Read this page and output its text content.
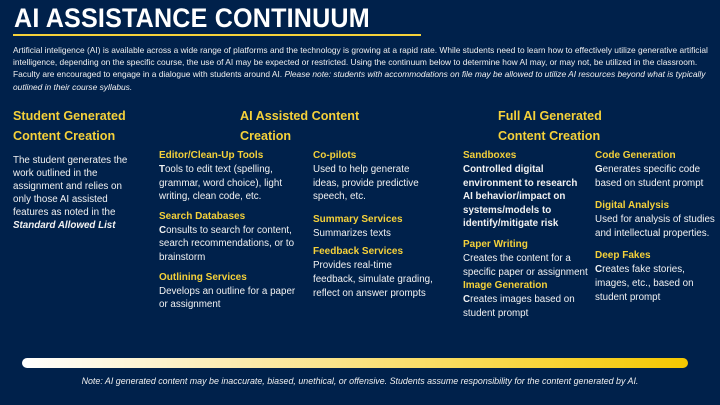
AI ASSISTANCE CONTINUUM
Artificial inteligence (AI) is available across a wide range of platforms and the technology is growing at a rapid rate. While students need to learn how to effectively utilize generative artificial intelligence, depending on the specific course, the use of AI may be expected or restricted. Using the continuum below to determine how AI may, or may not, be utilized in the classroom. Faculty are encouraged to engage in a dialogue with students around AI. Please note: students with accommodations on file may be allowed to utilize AI resources beyond what is typically outlined in their course syllabus.
Student Generated Content Creation
AI Assisted Content Creation
Full AI Generated Content Creation
The student generates the work outlined in the assignment and relies on only those AI assisted features as noted in the Standard Allowed List
Editor/Clean-Up Tools
Tools to edit text (spelling, grammar, word choice), light writing, clean code, etc.
Search Databases
Consults to search for content, search recommendations, or to brainstorm
Outlining Services
Develops an outline for a paper or assignment
Co-pilots
Used to help generate ideas, provide predictive speech, etc.
Summary Services
Summarizes texts
Feedback Services
Provides real-time feedback, simulate grading, reflect on answer prompts
Sandboxes
Controlled digital environment to research AI behavior/impact on systems/models to identify/mitigate risk
Paper Writing
Creates the content for a specific paper or assignment
Image Generation
Creates images based on student prompt
Code Generation
Generates specific code based on student prompt
Digital Analysis
Used for analysis of studies and intellectual properties.
Deep Fakes
Creates fake stories, images, etc., based on student prompt
Note: AI generated content may be inaccurate, biased, unethical, or offensive. Students assume responsibility for the content generated by AI.
